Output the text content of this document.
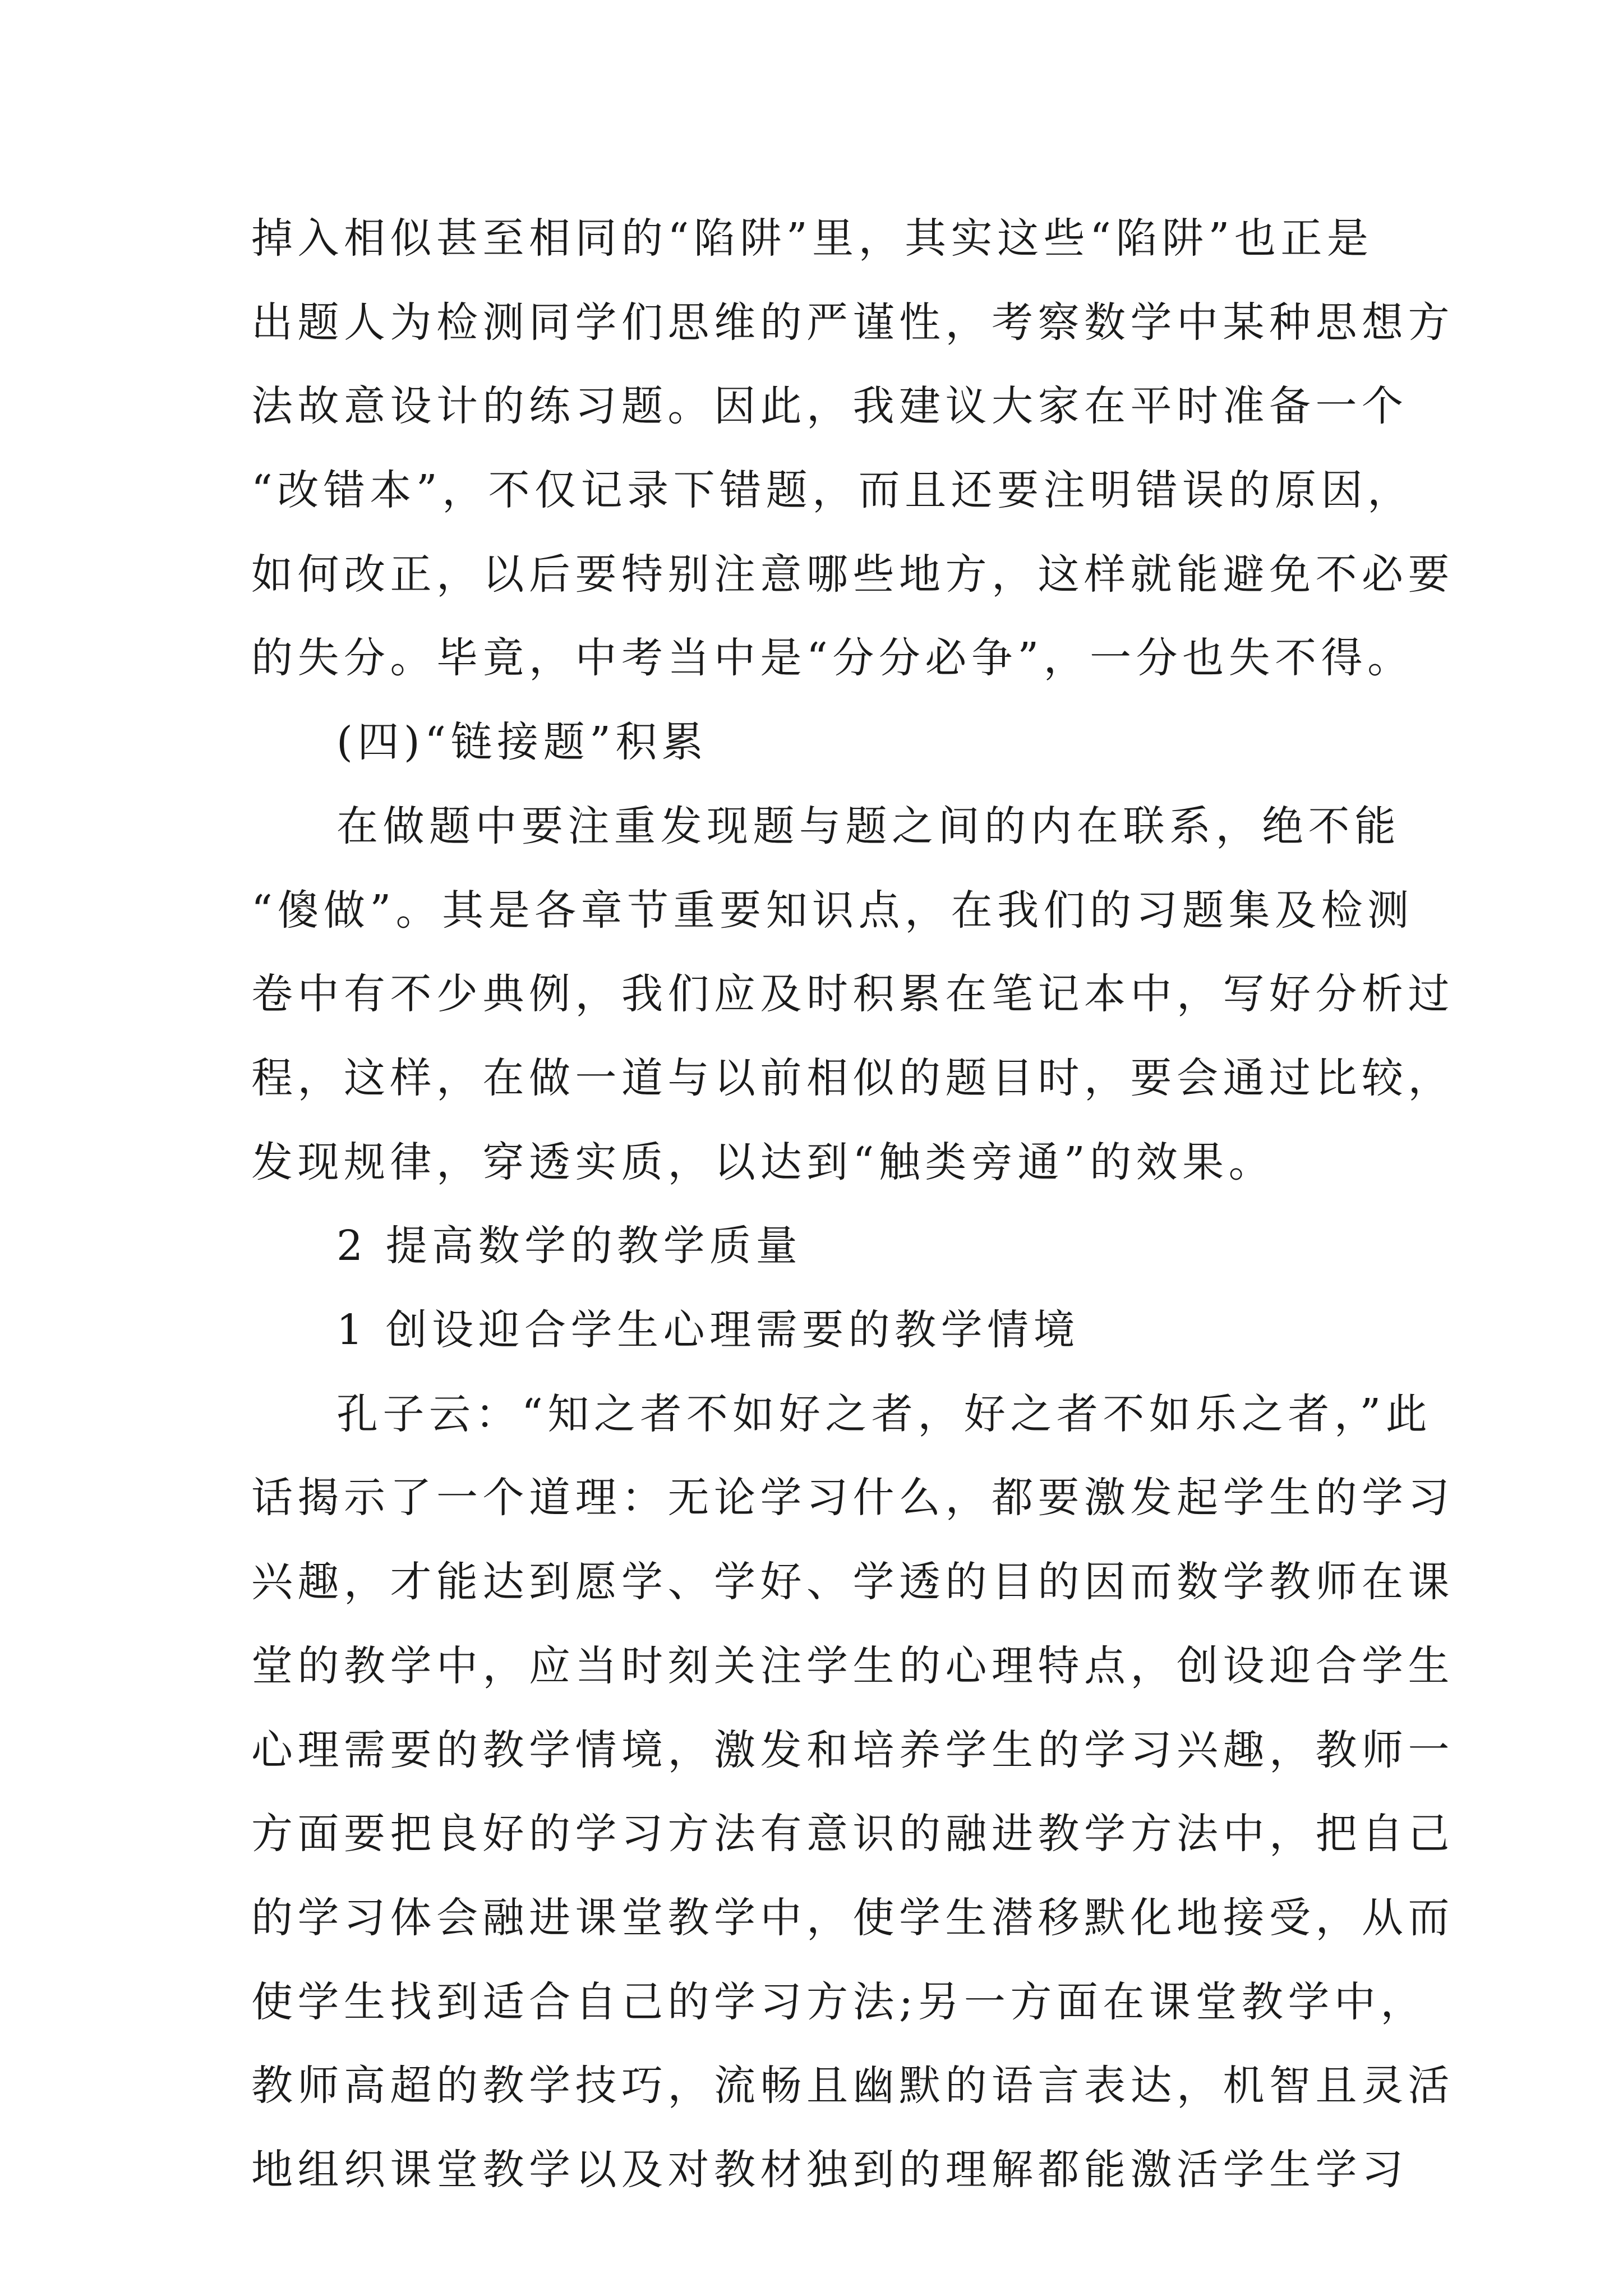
掉入相似甚至相同的“陷阱”里，其实这些“陷阱”也正是
出题人为检测同学们思维的严谨性，考察数学中某种思想方
法故意设计的练习题。因此，我建议大家在平时准备一个
“改错本”，不仅记录下错题，而且还要注明错误的原因，
如何改正，以后要特别注意哪些地方，这样就能避免不必要
的失分。毕竟，中考当中是“分分必争”，一分也失不得。
(四)“链接题”积累
在做题中要注重发现题与题之间的内在联系，绝不能
“傻做”。其是各章节重要知识点，在我们的习题集及检测
卷中有不少典例，我们应及时积累在笔记本中，写好分析过
程，这样，在做一道与以前相似的题目时，要会通过比较，
发现规律，穿透实质，以达到“触类旁通”的效果。
2 提高数学的教学质量
1 创设迎合学生心理需要的教学情境
孔子云：“知之者不如好之者，好之者不如乐之者，”此
话揭示了一个道理：无论学习什么，都要激发起学生的学习
兴趣，才能达到愿学、学好、学透的目的因而数学教师在课
堂的教学中，应当时刻关注学生的心理特点，创设迎合学生
心理需要的教学情境，激发和培养学生的学习兴趣，教师一
方面要把良好的学习方法有意识的融进教学方法中，把自己
的学习体会融进课堂教学中，使学生潜移默化地接受，从而
使学生找到适合自己的学习方法;另一方面在课堂教学中，
教师高超的教学技巧，流畅且幽默的语言表达，机智且灵活
地组织课堂教学以及对教材独到的理解都能激活学生学习
